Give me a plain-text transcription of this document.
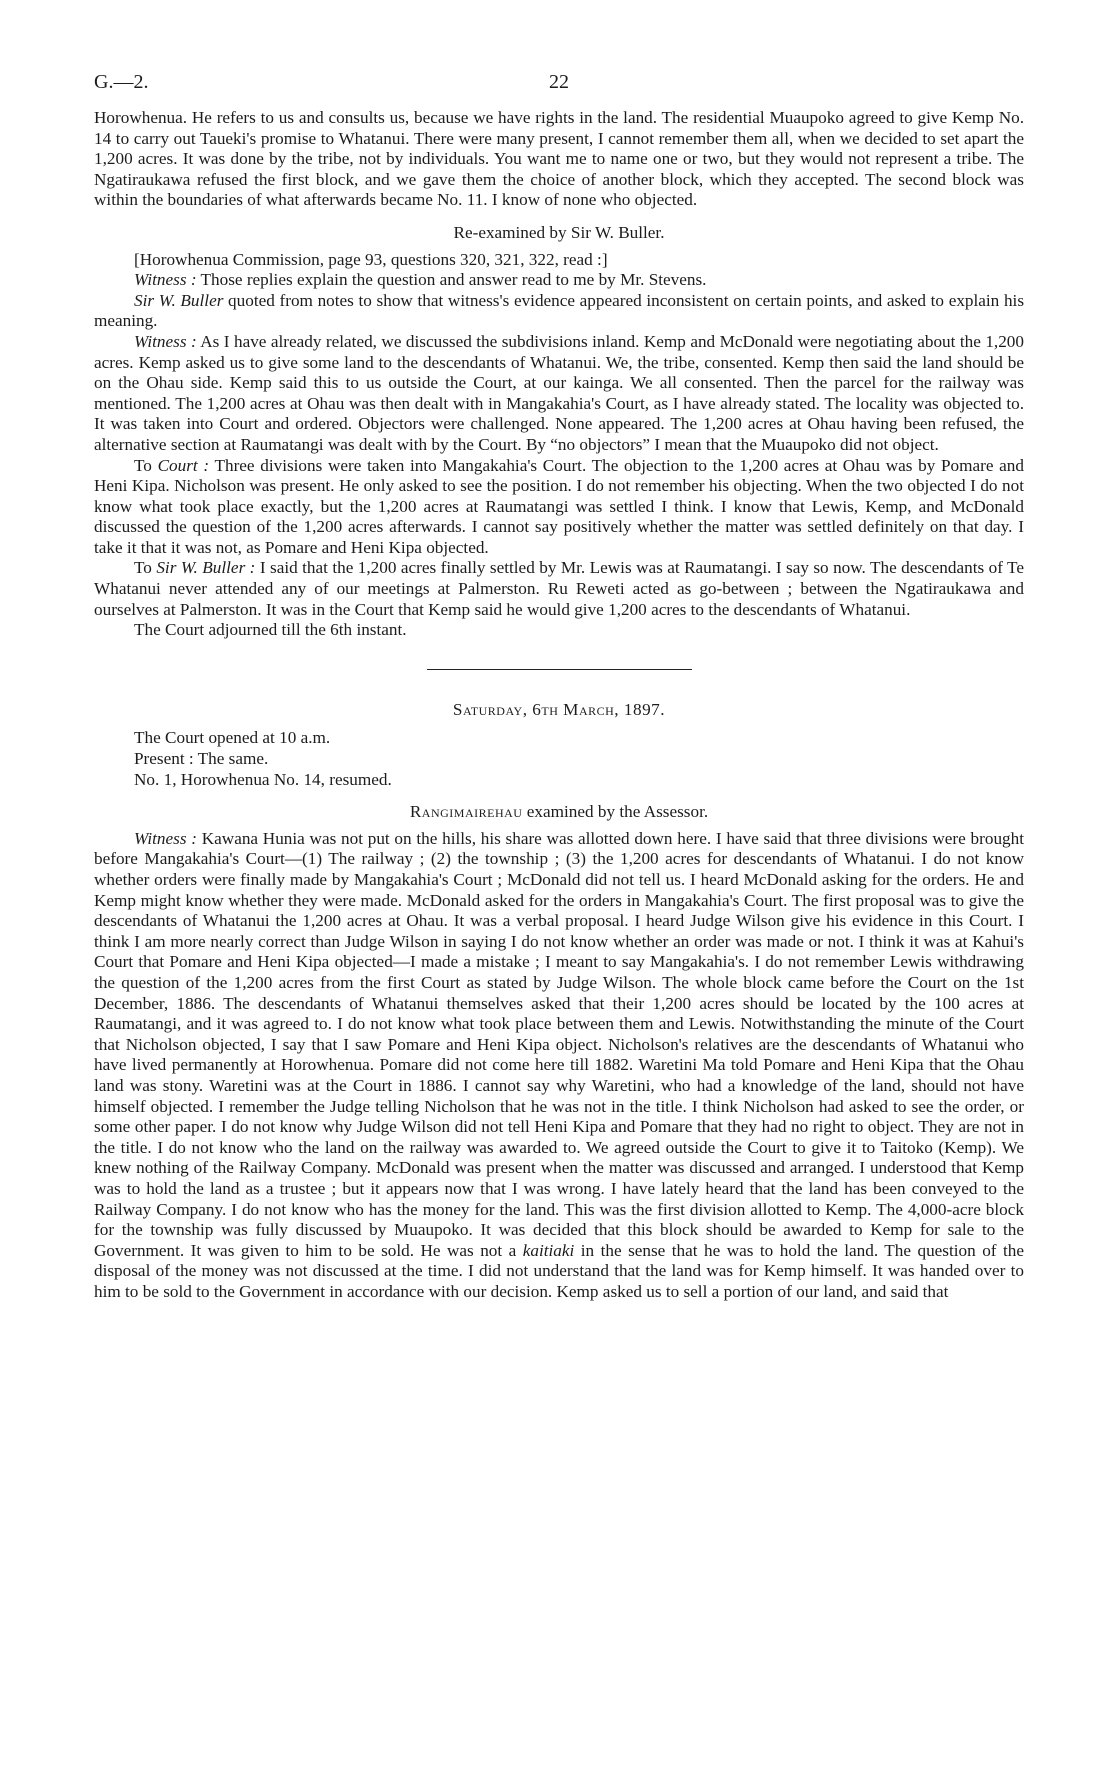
G.—2.	22

Horowhenua. He refers to us and consults us, because we have rights in the land. The residential Muaupoko agreed to give Kemp No. 14 to carry out Taueki's promise to Whatanui. There were many present, I cannot remember them all, when we decided to set apart the 1,200 acres. It was done by the tribe, not by individuals. You want me to name one or two, but they would not represent a tribe. The Ngatiraukawa refused the first block, and we gave them the choice of another block, which they accepted. The second block was within the boundaries of what afterwards became No. 11. I know of none who objected.

Re-examined by Sir W. Buller.

[Horowhenua Commission, page 93, questions 320, 321, 322, read :]

Witness : Those replies explain the question and answer read to me by Mr. Stevens.

Sir W. Buller quoted from notes to show that witness's evidence appeared inconsistent on certain points, and asked to explain his meaning.

Witness : As I have already related, we discussed the subdivisions inland. Kemp and McDonald were negotiating about the 1,200 acres. Kemp asked us to give some land to the descendants of Whatanui. We, the tribe, consented. Kemp then said the land should be on the Ohau side. Kemp said this to us outside the Court, at our kainga. We all consented. Then the parcel for the railway was mentioned. The 1,200 acres at Ohau was then dealt with in Mangakahia's Court, as I have already stated. The locality was objected to. It was taken into Court and ordered. Objectors were challenged. None appeared. The 1,200 acres at Ohau having been refused, the alternative section at Raumatangi was dealt with by the Court. By “no objectors” I mean that the Muaupoko did not object.

To Court : Three divisions were taken into Mangakahia's Court. The objection to the 1,200 acres at Ohau was by Pomare and Heni Kipa. Nicholson was present. He only asked to see the position. I do not remember his objecting. When the two objected I do not know what took place exactly, but the 1,200 acres at Raumatangi was settled I think. I know that Lewis, Kemp, and McDonald discussed the question of the 1,200 acres afterwards. I cannot say positively whether the matter was settled definitely on that day. I take it that it was not, as Pomare and Heni Kipa objected.

To Sir W. Buller : I said that the 1,200 acres finally settled by Mr. Lewis was at Raumatangi. I say so now. The descendants of Te Whatanui never attended any of our meetings at Palmerston. Ru Reweti acted as go-between ; between the Ngatiraukawa and ourselves at Palmerston. It was in the Court that Kemp said he would give 1,200 acres to the descendants of Whatanui.

The Court adjourned till the 6th instant.

Saturday, 6th March, 1897.

The Court opened at 10 a.m.

Present : The same.

No. 1, Horowhenua No. 14, resumed.

Rangimairehau examined by the Assessor.

Witness : Kawana Hunia was not put on the hills, his share was allotted down here. I have said that three divisions were brought before Mangakahia's Court—(1) The railway ; (2) the township ; (3) the 1,200 acres for descendants of Whatanui. I do not know whether orders were finally made by Mangakahia's Court ; McDonald did not tell us. I heard McDonald asking for the orders. He and Kemp might know whether they were made. McDonald asked for the orders in Mangakahia's Court. The first proposal was to give the descendants of Whatanui the 1,200 acres at Ohau. It was a verbal proposal. I heard Judge Wilson give his evidence in this Court. I think I am more nearly correct than Judge Wilson in saying I do not know whether an order was made or not. I think it was at Kahui's Court that Pomare and Heni Kipa objected—I made a mistake ; I meant to say Mangakahia's. I do not remember Lewis withdrawing the question of the 1,200 acres from the first Court as stated by Judge Wilson. The whole block came before the Court on the 1st December, 1886. The descendants of Whatanui themselves asked that their 1,200 acres should be located by the 100 acres at Raumatangi, and it was agreed to. I do not know what took place between them and Lewis. Notwithstanding the minute of the Court that Nicholson objected, I say that I saw Pomare and Heni Kipa object. Nicholson's relatives are the descendants of Whatanui who have lived permanently at Horowhenua. Pomare did not come here till 1882. Waretini Ma told Pomare and Heni Kipa that the Ohau land was stony. Waretini was at the Court in 1886. I cannot say why Waretini, who had a knowledge of the land, should not have himself objected. I remember the Judge telling Nicholson that he was not in the title. I think Nicholson had asked to see the order, or some other paper. I do not know why Judge Wilson did not tell Heni Kipa and Pomare that they had no right to object. They are not in the title. I do not know who the land on the railway was awarded to. We agreed outside the Court to give it to Taitoko (Kemp). We knew nothing of the Railway Company. McDonald was present when the matter was discussed and arranged. I understood that Kemp was to hold the land as a trustee ; but it appears now that I was wrong. I have lately heard that the land has been conveyed to the Railway Company. I do not know who has the money for the land. This was the first division allotted to Kemp. The 4,000-acre block for the township was fully discussed by Muaupoko. It was decided that this block should be awarded to Kemp for sale to the Government. It was given to him to be sold. He was not a kaitiaki in the sense that he was to hold the land. The question of the disposal of the money was not discussed at the time. I did not understand that the land was for Kemp himself. It was handed over to him to be sold to the Government in accordance with our decision. Kemp asked us to sell a portion of our land, and said that
